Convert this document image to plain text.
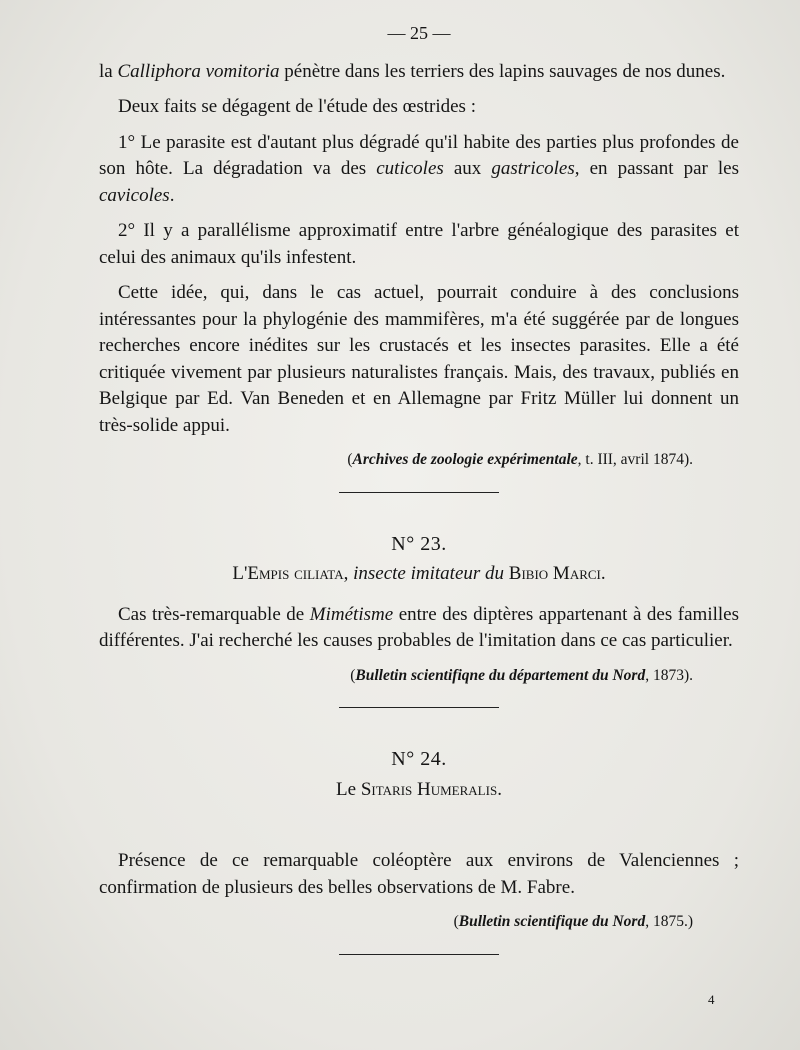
— 25 —

la Calliphora vomitoria pénètre dans les terriers des lapins sauvages de nos dunes.

Deux faits se dégagent de l'étude des œstrides :

1° Le parasite est d'autant plus dégradé qu'il habite des parties plus profondes de son hôte. La dégradation va des cuticoles aux gastricoles, en passant par les cavicoles.

2° Il y a parallélisme approximatif entre l'arbre généalogique des parasites et celui des animaux qu'ils infestent.

Cette idée, qui, dans le cas actuel, pourrait conduire à des conclusions intéressantes pour la phylogénie des mammifères, m'a été suggérée par de longues recherches encore inédites sur les crustacés et les insectes parasites. Elle a été critiquée vivement par plusieurs naturalistes français. Mais, des travaux, publiés en Belgique par Ed. Van Beneden et en Allemagne par Fritz Müller lui donnent un très-solide appui.

(Archives de zoologie expérimentale, t. III, avril 1874).

N° 23.
L'Empis ciliata, insecte imitateur du Bibio Marci.

Cas très-remarquable de Mimétisme entre des diptères appartenant à des familles différentes. J'ai recherché les causes probables de l'imitation dans ce cas particulier.

(Bulletin scientifiqne du département du Nord, 1873).

N° 24.
Le Sitaris Humeralis.

Présence de ce remarquable coléoptère aux environs de Valenciennes ; confirmation de plusieurs des belles observations de M. Fabre.

(Bulletin scientifique du Nord, 1875.)

4
